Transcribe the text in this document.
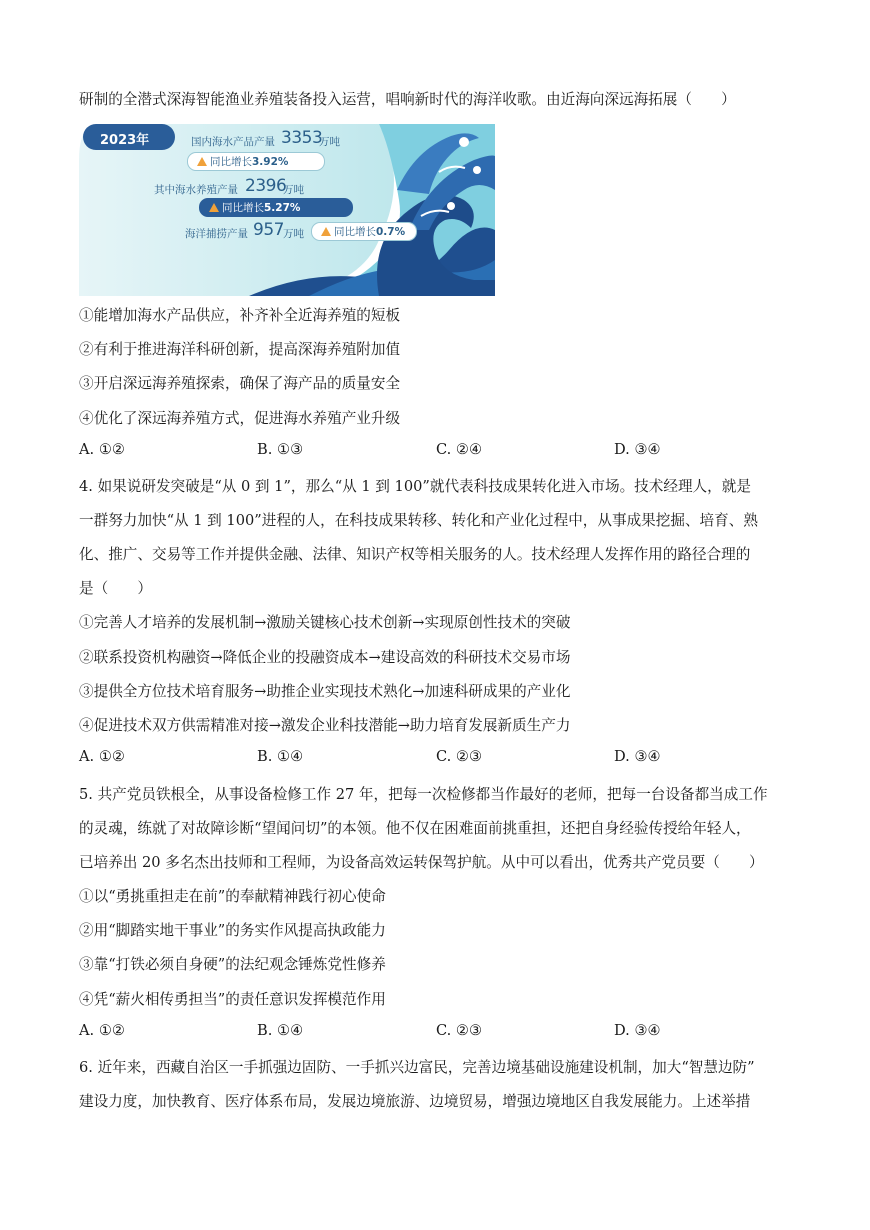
研制的全潜式深海智能渔业养殖装备投入运营，唱响新时代的海洋收歌。由近海向深远海拓展（　　）

2023年	国内海水产品产量 3353
万吨
同比增长3.92%
其中海水养殖产量 2396
万吨
同比增长5.27%
海洋捕捞产量 957 万吨	同比增长0.7%

①能增加海水产品供应，补齐补全近海养殖的短板

②有利于推进海洋科研创新，提高深海养殖附加值

③开启深远海养殖探索，确保了海产品的质量安全

④优化了深远海养殖方式，促进海水养殖产业升级

A. ①②	B. ①③	C. ②④	D. ③④

4. 如果说研发突破是“从 0 到 1”，那么“从 1 到 100”就代表科技成果转化进入市场。技术经理人，就是

一群努力加快“从 1 到 100”进程的人，在科技成果转移、转化和产业化过程中，从事成果挖掘、培育、熟

化、推广、交易等工作并提供金融、法律、知识产权等相关服务的人。技术经理人发挥作用的路径合理的

是（　　）

①完善人才培养的发展机制→激励关键核心技术创新→实现原创性技术的突破

②联系投资机构融资→降低企业的投融资成本→建设高效的科研技术交易市场

③提供全方位技术培育服务→助推企业实现技术熟化→加速科研成果的产业化

④促进技术双方供需精准对接→激发企业科技潜能→助力培育发展新质生产力

A. ①②	B. ①④	C. ②③	D. ③④

5. 共产党员铁根全，从事设备检修工作 27 年，把每一次检修都当作最好的老师，把每一台设备都当成工作

的灵魂，练就了对故障诊断“望闻问切”的本领。他不仅在困难面前挑重担，还把自身经验传授给年轻人，

已培养出 20 多名杰出技师和工程师，为设备高效运转保驾护航。从中可以看出，优秀共产党员要（　　）

①以“勇挑重担走在前”的奉献精神践行初心使命

②用“脚踏实地干事业”的务实作风提高执政能力

③靠“打铁必须自身硬”的法纪观念锤炼党性修养

④凭“薪火相传勇担当”的责任意识发挥模范作用

A. ①②	B. ①④	C. ②③	D. ③④

6. 近年来，西藏自治区一手抓强边固防、一手抓兴边富民，完善边境基础设施建设机制，加大“智慧边防”

建设力度，加快教育、医疗体系布局，发展边境旅游、边境贸易，增强边境地区自我发展能力。上述举措
